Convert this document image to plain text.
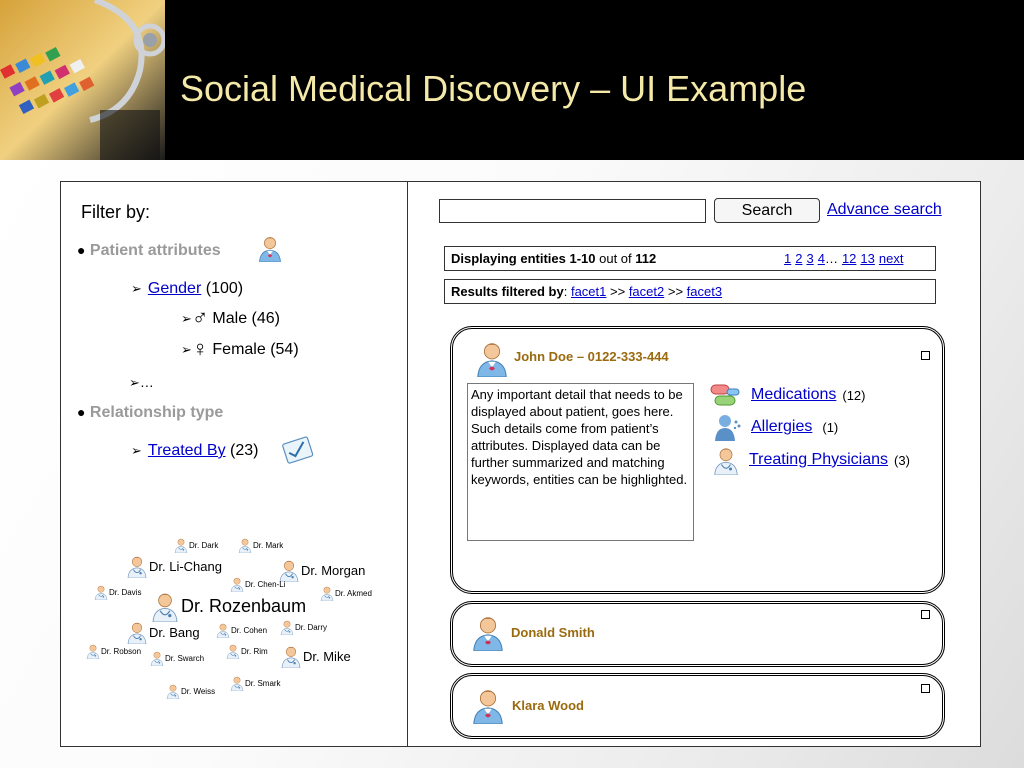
Social Medical Discovery – UI Example
Filter by:
● Patient attributes
➢ Gender (100)
➢♂ Male (46)
➢♀ Female (54)
➢…
● Relationship type
➢ Treated By (23)
Dr. Dark	Dr. Mark
Dr. Li-Chang	Dr. Morgan
Dr. Chen-Li
Dr. Davis
Dr. Rozenbaum
Dr. Akmed
Dr. Bang	Dr. Cohen	Dr. Darry
Dr. Robson
Dr. Swarch
Dr. Rim	Dr. Mike
Dr. Smark
Dr. Weiss
Search	Advance search
Displaying entities 1-10 out of 112	1 2 3 4… 12 13 next
Results filtered by: facet1 >> facet2 >> facet3
John Doe – 0122-333-444
Any important detail that needs to be displayed about patient, goes here. Such details come from patient’s attributes. Displayed data can be further summarized and matching keywords, entities can be highlighted.
Medications (12)
Allergies (1)
Treating Physicians (3)
Donald Smith
Klara Wood
